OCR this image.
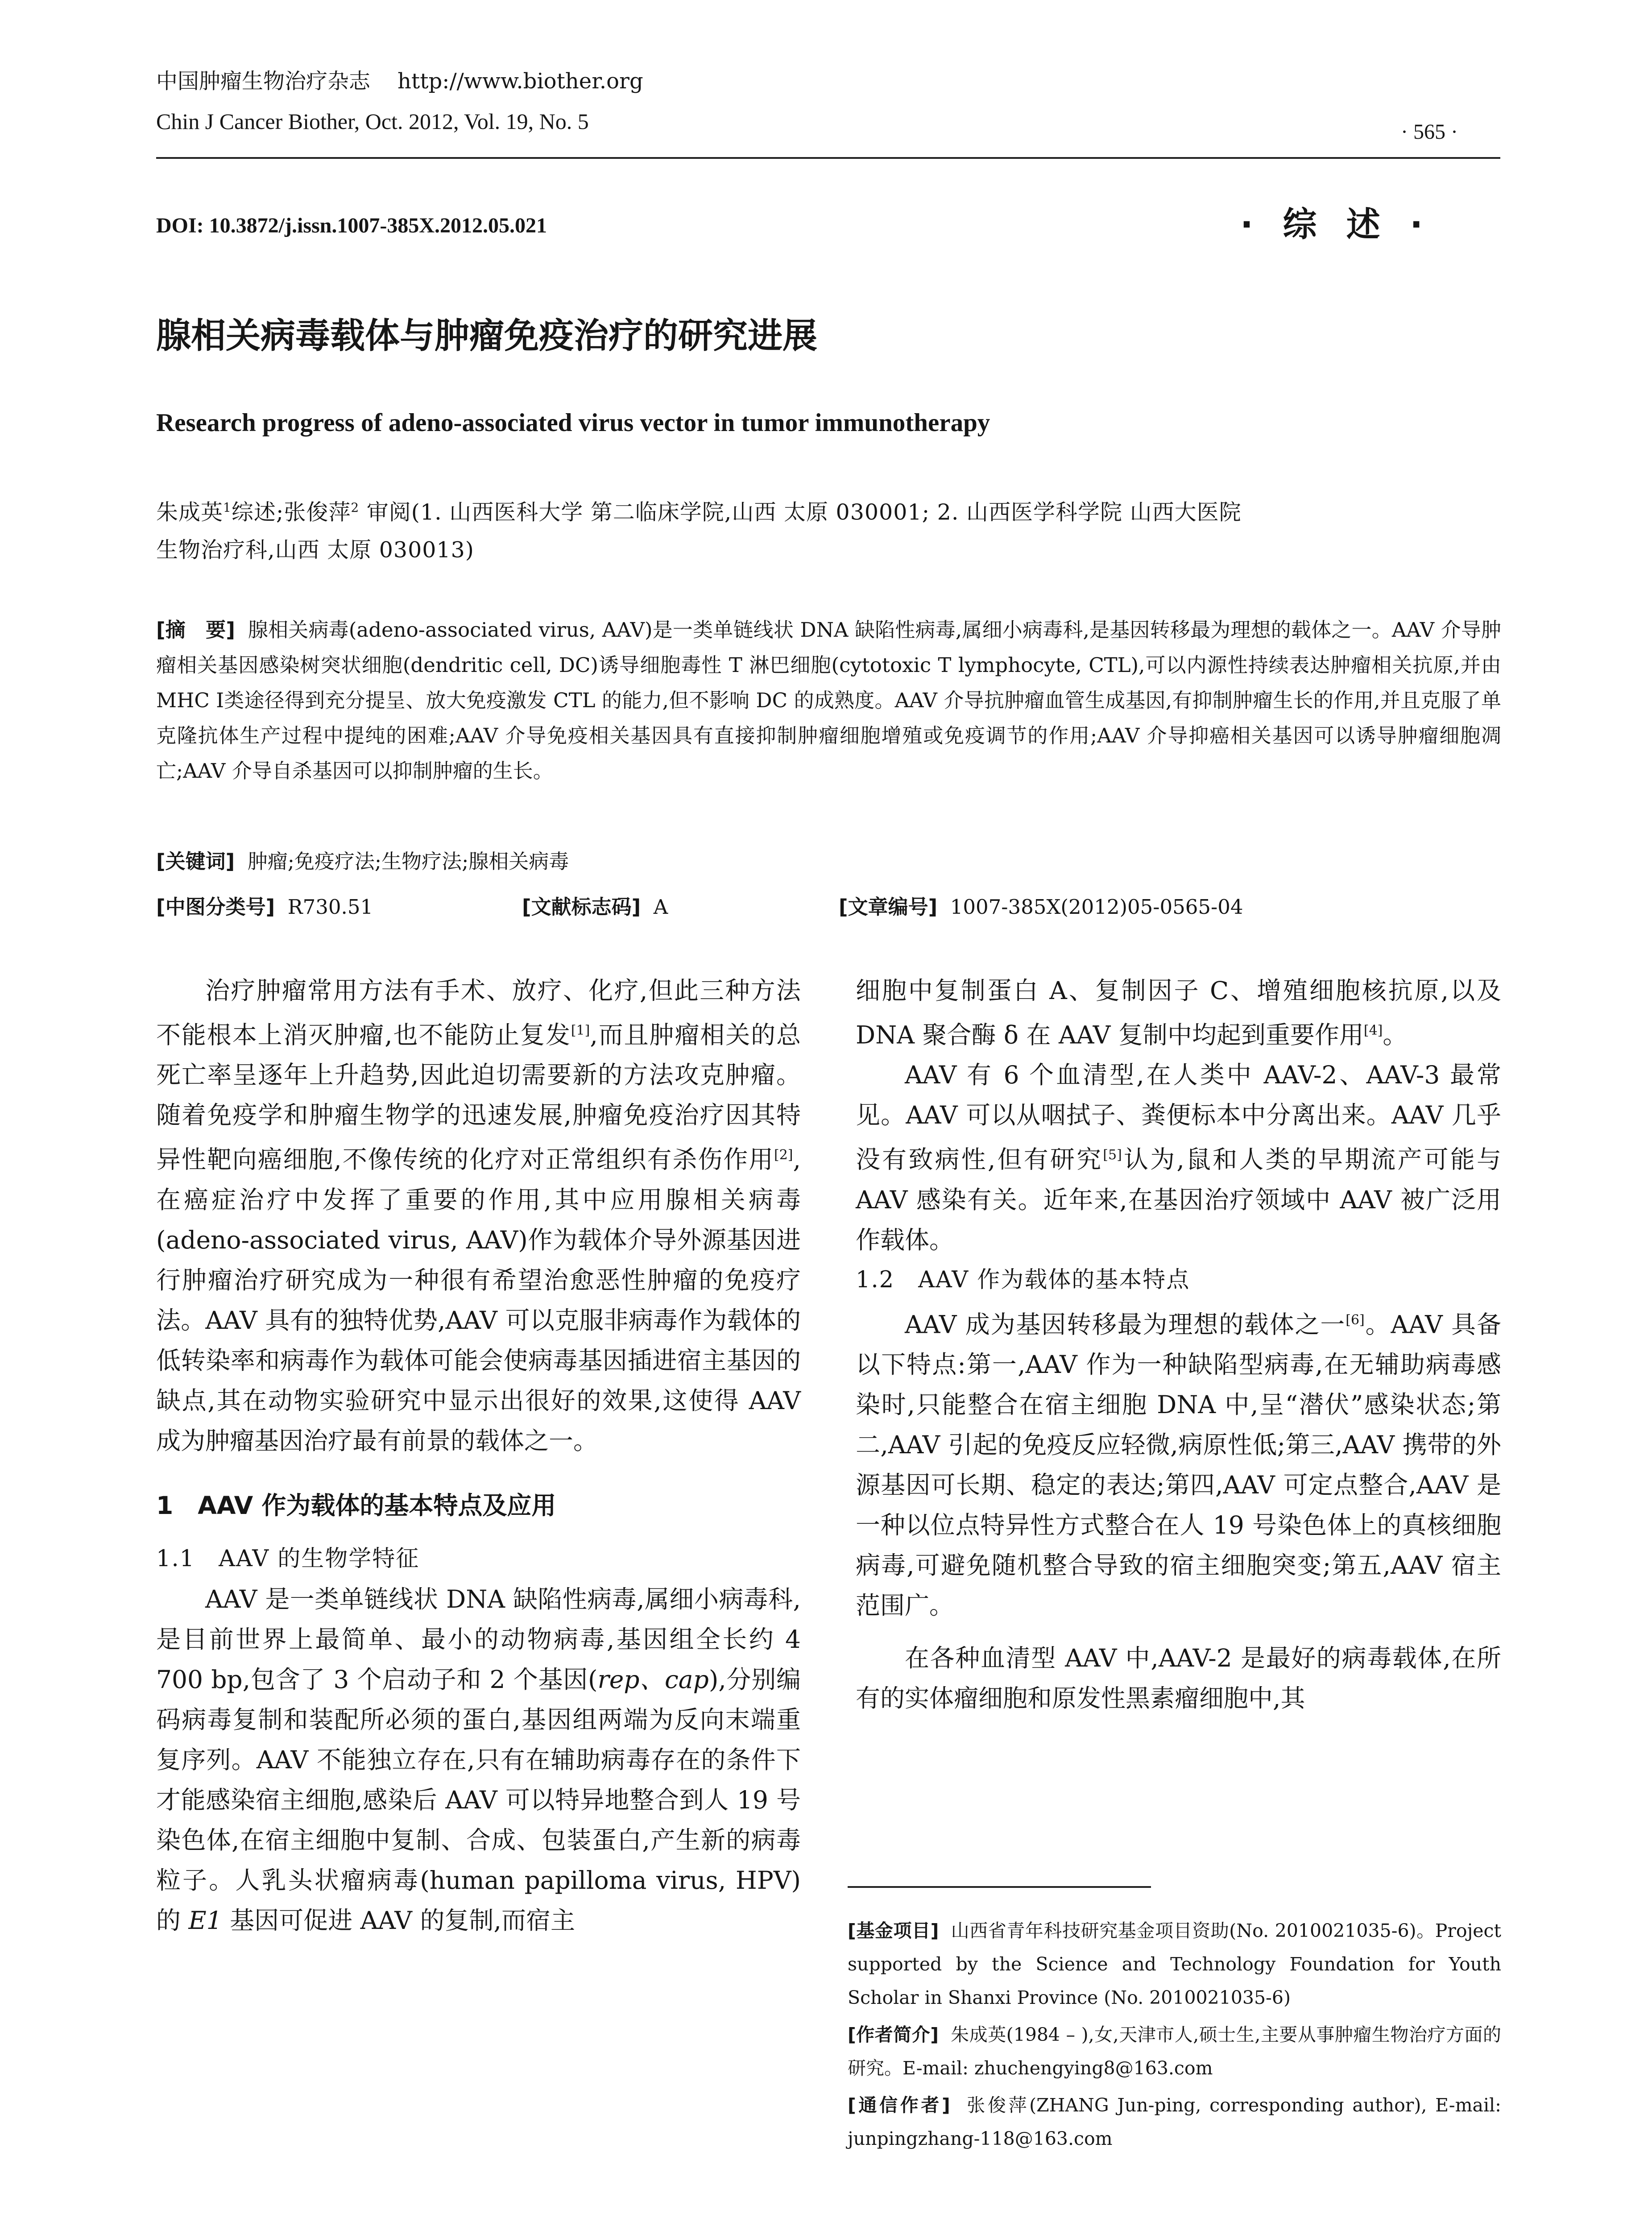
中国肿瘤生物治疗杂志 http://www.biother.org
Chin J Cancer Biother, Oct. 2012, Vol. 19, No. 5	· 565 ·
DOI: 10.3872/j.issn.1007-385X.2012.05.021	· 综 述 ·
腺相关病毒载体与肿瘤免疫治疗的研究进展
Research progress of adeno-associated virus vector in tumor immunotherapy
朱成英$^1$综述;张俊萍$^2$ 审阅(1. 山西医科大学 第二临床学院,山西 太原 030001; 2. 山西医学科学院 山西大医院
生物治疗科,山西 太原 030013)
[摘　要] 腺相关病毒(adeno-associated virus, AAV)是一类单链线状 DNA 缺陷性病毒,属细小病毒科,是基因转移最为理想的载体之一。AAV 介导肿瘤相关基因感染树突状细胞(dendritic cell, DC)诱导细胞毒性 T 淋巴细胞(cytotoxic T lymphocyte, CTL),可以内源性持续表达肿瘤相关抗原,并由 MHC Ⅰ类途径得到充分提呈、放大免疫激发 CTL 的能力,但不影响 DC 的成熟度。AAV 介导抗肿瘤血管生成基因,有抑制肿瘤生长的作用,并且克服了单克隆抗体生产过程中提纯的困难;AAV 介导免疫相关基因具有直接抑制肿瘤细胞增殖或免疫调节的作用;AAV 介导抑癌相关基因可以诱导肿瘤细胞凋亡;AAV 介导自杀基因可以抑制肿瘤的生长。
[关键词] 肿瘤;免疫疗法;生物疗法;腺相关病毒
[中图分类号] R730.51	[文献标志码] A	[文章编号] 1007-385X(2012)05-0565-04

治疗肿瘤常用方法有手术、放疗、化疗,但此三种方法不能根本上消灭肿瘤,也不能防止复发[1],而且肿瘤相关的总死亡率呈逐年上升趋势,因此迫切需要新的方法攻克肿瘤。随着免疫学和肿瘤生物学的迅速发展,肿瘤免疫治疗因其特异性靶向癌细胞,不像传统的化疗对正常组织有杀伤作用[2],在癌症治疗中发挥了重要的作用,其中应用腺相关病毒(adeno-associated virus, AAV)作为载体介导外源基因进行肿瘤治疗研究成为一种很有希望治愈恶性肿瘤的免疫疗法。AAV 具有的独特优势,AAV 可以克服非病毒作为载体的低转染率和病毒作为载体可能会使病毒基因插进宿主基因的缺点,其在动物实验研究中显示出很好的效果,这使得 AAV 成为肿瘤基因治疗最有前景的载体之一。

1　AAV 作为载体的基本特点及应用

1.1　AAV 的生物学特征

AAV 是一类单链线状 DNA 缺陷性病毒,属细小病毒科,是目前世界上最简单、最小的动物病毒,基因组全长约 4 700 bp,包含了 3 个启动子和 2 个基因(rep、cap),分别编码病毒复制和装配所必须的蛋白,基因组两端为反向末端重复序列。AAV 不能独立存在,只有在辅助病毒存在的条件下才能感染宿主细胞,感染后 AAV 可以特异地整合到人 19 号染色体,在宿主细胞中复制、合成、包装蛋白,产生新的病毒粒子。人乳头状瘤病毒(human papilloma virus, HPV)的 E1 基因可促进 AAV 的复制,而宿主

细胞中复制蛋白 A、复制因子 C、增殖细胞核抗原,以及 DNA 聚合酶 δ 在 AAV 复制中均起到重要作用[4]。

AAV 有 6 个血清型,在人类中 AAV-2、AAV-3 最常见。AAV 可以从咽拭子、粪便标本中分离出来。AAV 几乎没有致病性,但有研究[5]认为,鼠和人类的早期流产可能与 AAV 感染有关。近年来,在基因治疗领域中 AAV 被广泛用作载体。

1.2　AAV 作为载体的基本特点

AAV 成为基因转移最为理想的载体之一[6]。AAV 具备以下特点:第一,AAV 作为一种缺陷型病毒,在无辅助病毒感染时,只能整合在宿主细胞 DNA 中,呈“潜伏”感染状态;第二,AAV 引起的免疫反应轻微,病原性低;第三,AAV 携带的外源基因可长期、稳定的表达;第四,AAV 可定点整合,AAV 是一种以位点特异性方式整合在人 19 号染色体上的真核细胞病毒,可避免随机整合导致的宿主细胞突变;第五,AAV 宿主范围广。

在各种血清型 AAV 中,AAV-2 是最好的病毒载体,在所有的实体瘤细胞和原发性黑素瘤细胞中,其

[基金项目] 山西省青年科技研究基金项目资助(No. 2010021035-6)。Project supported by the Science and Technology Foundation for Youth Scholar in Shanxi Province (No. 2010021035-6)
[作者简介] 朱成英(1984 – ),女,天津市人,硕士生,主要从事肿瘤生物治疗方面的研究。E-mail: zhuchengying8@163.com
[通信作者] 张俊萍(ZHANG Jun-ping, corresponding author), E-mail: junpingzhang-118@163.com
